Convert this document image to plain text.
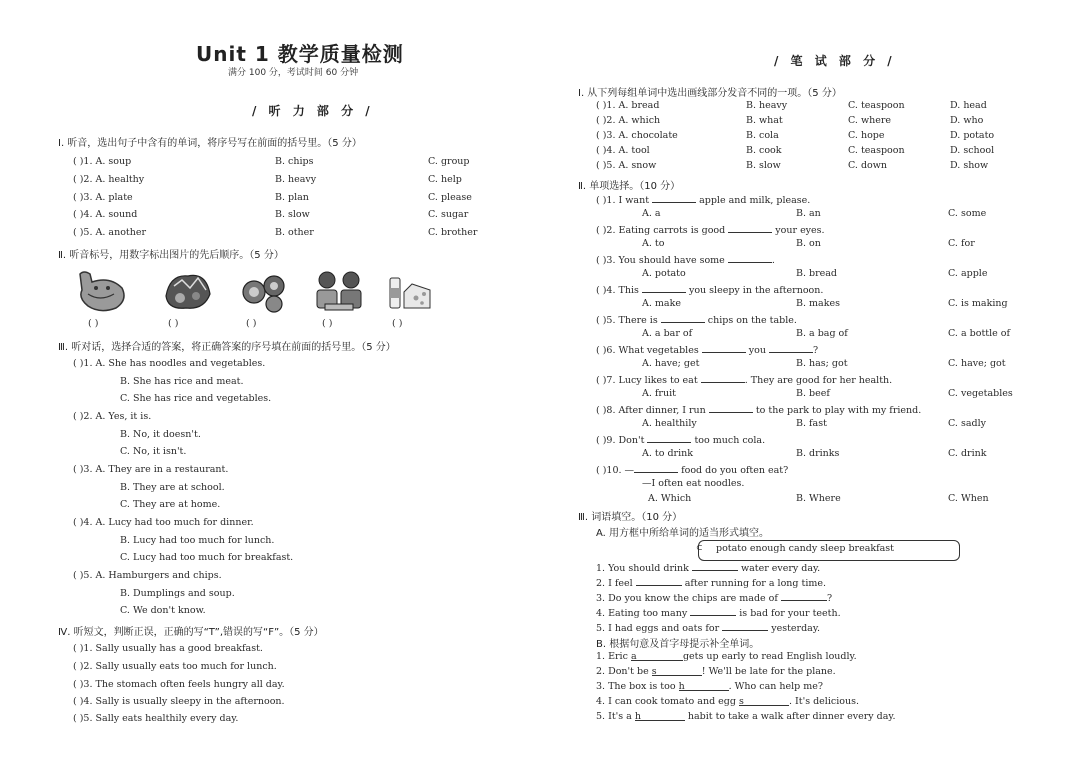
Unit 1 教学质量检测
满分 100 分，考试时间 60 分钟
/ 听 力 部 分 /
Ⅰ. 听音，选出句子中含有的单词，将序号写在前面的括号里。（5 分）
( )1. A. soup	B. chips	C. group
( )2. A. healthy	B. heavy	C. help
( )3. A. plate	B. plan	C. please
( )4. A. sound	B. slow	C. sugar
( )5. A. another	B. other	C. brother
Ⅱ. 听音标号，用数字标出图片的先后顺序。（5 分）
( )	( )	( )	( )	( )
Ⅲ. 听对话，选择合适的答案，将正确答案的序号填在前面的括号里。（5 分）
( )1. A. She has noodles and vegetables.
B. She has rice and meat.
C. She has rice and vegetables.
( )2. A. Yes, it is.
B. No, it doesn't.
C. No, it isn't.
( )3. A. They are in a restaurant.
B. They are at school.
C. They are at home.
( )4. A. Lucy had too much for dinner.
B. Lucy had too much for lunch.
C. Lucy had too much for breakfast.
( )5. A. Hamburgers and chips.
B. Dumplings and soup.
C. We don't know.
Ⅳ. 听短文，判断正误，正确的写“T”,错误的写“F”。（5 分）
( )1. Sally usually has a good breakfast.
( )2. Sally usually eats too much for lunch.
( )3. The stomach often feels hungry all day.
( )4. Sally is usually sleepy in the afternoon.
( )5. Sally eats healthily every day.
/ 笔 试 部 分 /
Ⅰ. 从下列每组单词中选出画线部分发音不同的一项。（5 分）
( )1. A. bread	B. heavy	C. teaspoon	D. head
( )2. A. which	B. what	C. where	D. who
( )3. A. chocolate	B. cola	C. hope	D. potato
( )4. A. tool	B. cook	C. teaspoon	D. school
( )5. A. snow	B. slow	C. down	D. show
Ⅱ. 单项选择。（10 分）
( )1. I want	apple and milk, please.
A. a	B. an	C. some
( )2. Eating carrots is good	your eyes.
A. to	B. on	C. for
( )3. You should have some	.
A. potato	B. bread	C. apple
( )4. This	you sleepy in the afternoon.
A. make	B. makes	C. is making
( )5. There is	chips on the table.
A. a bar of	B. a bag of	C. a bottle of
( )6. What vegetables	you	?
A. have; get	B. has; got	C. have; got
( )7. Lucy likes to eat	. They are good for her health.
A. fruit	B. beef	C. vegetables
( )8. After dinner, I run	to the park to play with my friend.
A. healthily	B. fast	C. sadly
( )9. Don't	too much cola.
A. to drink	B. drinks	C. drink
( )10. —	food do you often eat?
—I often eat noodles.
A. Which	B. Where	C. When
Ⅲ. 词语填空。（10 分）
A. 用方框中所给单词的适当形式填空。
⊂ potato enough candy sleep breakfast
1. You should drink	water every day.
2. I feel	after running for a long time.
3. Do you know the chips are made of	?
4. Eating too many	is bad for your teeth.
5. I had eggs and oats for	yesterday.
B. 根据句意及首字母提示补全单词。
1. Eric a	gets up early to read English loudly.
2. Don't be s	! We'll be late for the plane.
3. The box is too h	. Who can help me?
4. I can cook tomato and egg s	. It's delicious.
5. It's a h	habit to take a walk after dinner every day.
